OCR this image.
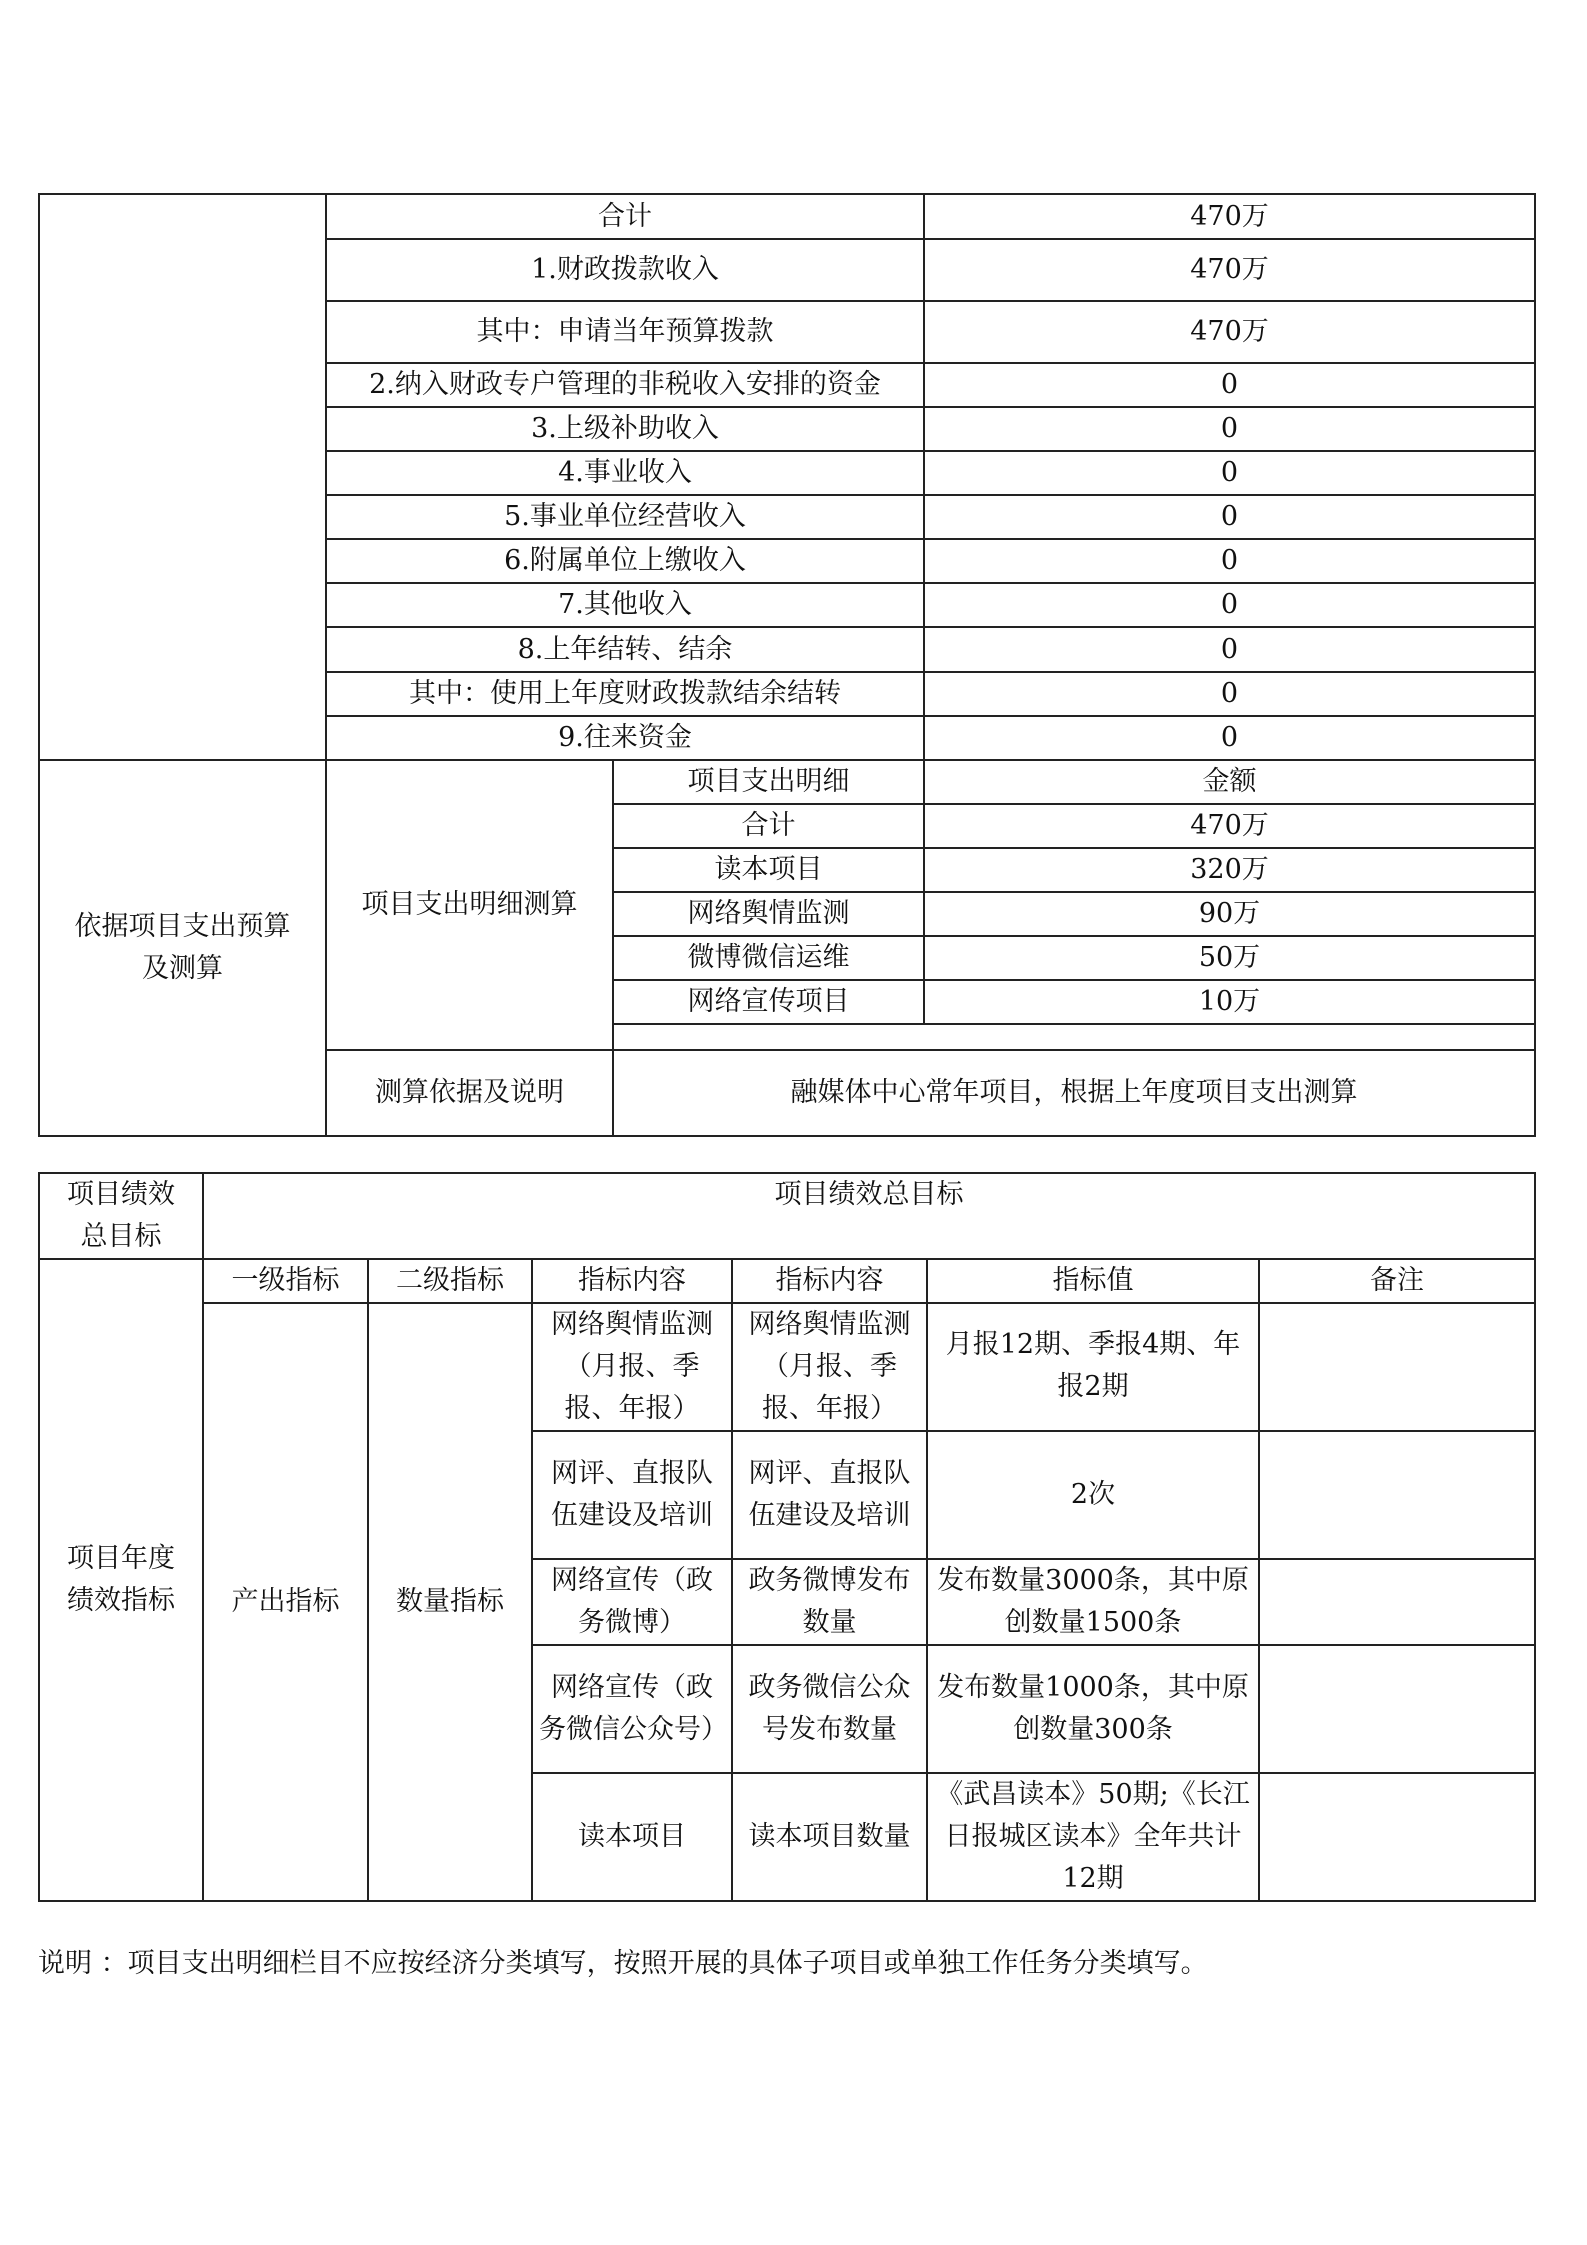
	合计		470万
	1.财政拨款收入		470万
	其中：申请当年预算拨款		470万
	2.纳入财政专户管理的非税收入安排的资金		0
	3.上级补助收入		0
	4.事业收入		0
	5.事业单位经营收入		0
	6.附属单位上缴收入		0
	7.其他收入		0
	8.上年结转、结余		0
	其中：使用上年度财政拨款结余结转		0
	9.往来资金		0
依据项目支出预算及测算	项目支出明细测算	项目支出明细	金额
		合计	470万
		读本项目	320万
		网络舆情监测	90万
		微博微信运维	50万
		网络宣传项目	10万

	测算依据及说明	融媒体中心常年项目，根据上年度项目支出测算	
项目绩效总目标	项目绩效总目标					
项目年度绩效指标	一级指标	二级指标	指标内容	指标内容	指标值	备注
	产出指标	数量指标	网络舆情监测（月报、季报、年报）	网络舆情监测（月报、季报、年报）	月报12期、季报4期、年报2期	
			网评、直报队伍建设及培训	网评、直报队伍建设及培训	2次	
			网络宣传（政务微博）	政务微博发布数量	发布数量3000条，其中原创数量1500条	
			网络宣传（政务微信公众号）	政务微信公众号发布数量	发布数量1000条，其中原创数量300条	
			读本项目	读本项目数量	《武昌读本》50期;《长江日报城区读本》全年共计12期	
说明 ：项目支出明细栏目不应按经济分类填写，按照开展的具体子项目或单独工作任务分类填写。
